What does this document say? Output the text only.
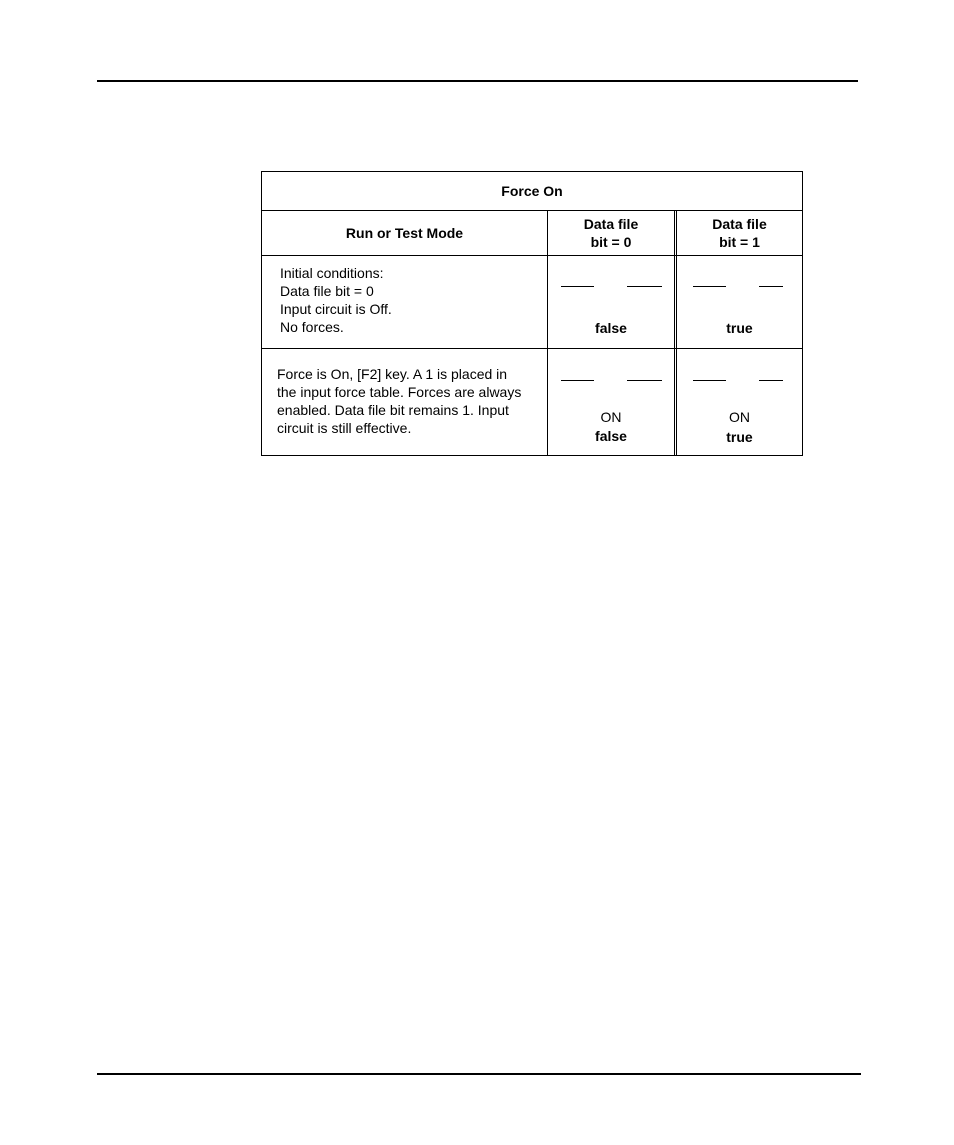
Force On
Run or Test Mode
Data file
bit = 0
Data file
bit = 1
Initial conditions:
Data file bit = 0
Input circuit is Off.
No forces.	false	true
Force is On, [F2] key. A 1 is placed in
the input force table. Forces are always
enabled. Data file bit remains 1. Input
circuit is still effective.
ON
false
ON
true
